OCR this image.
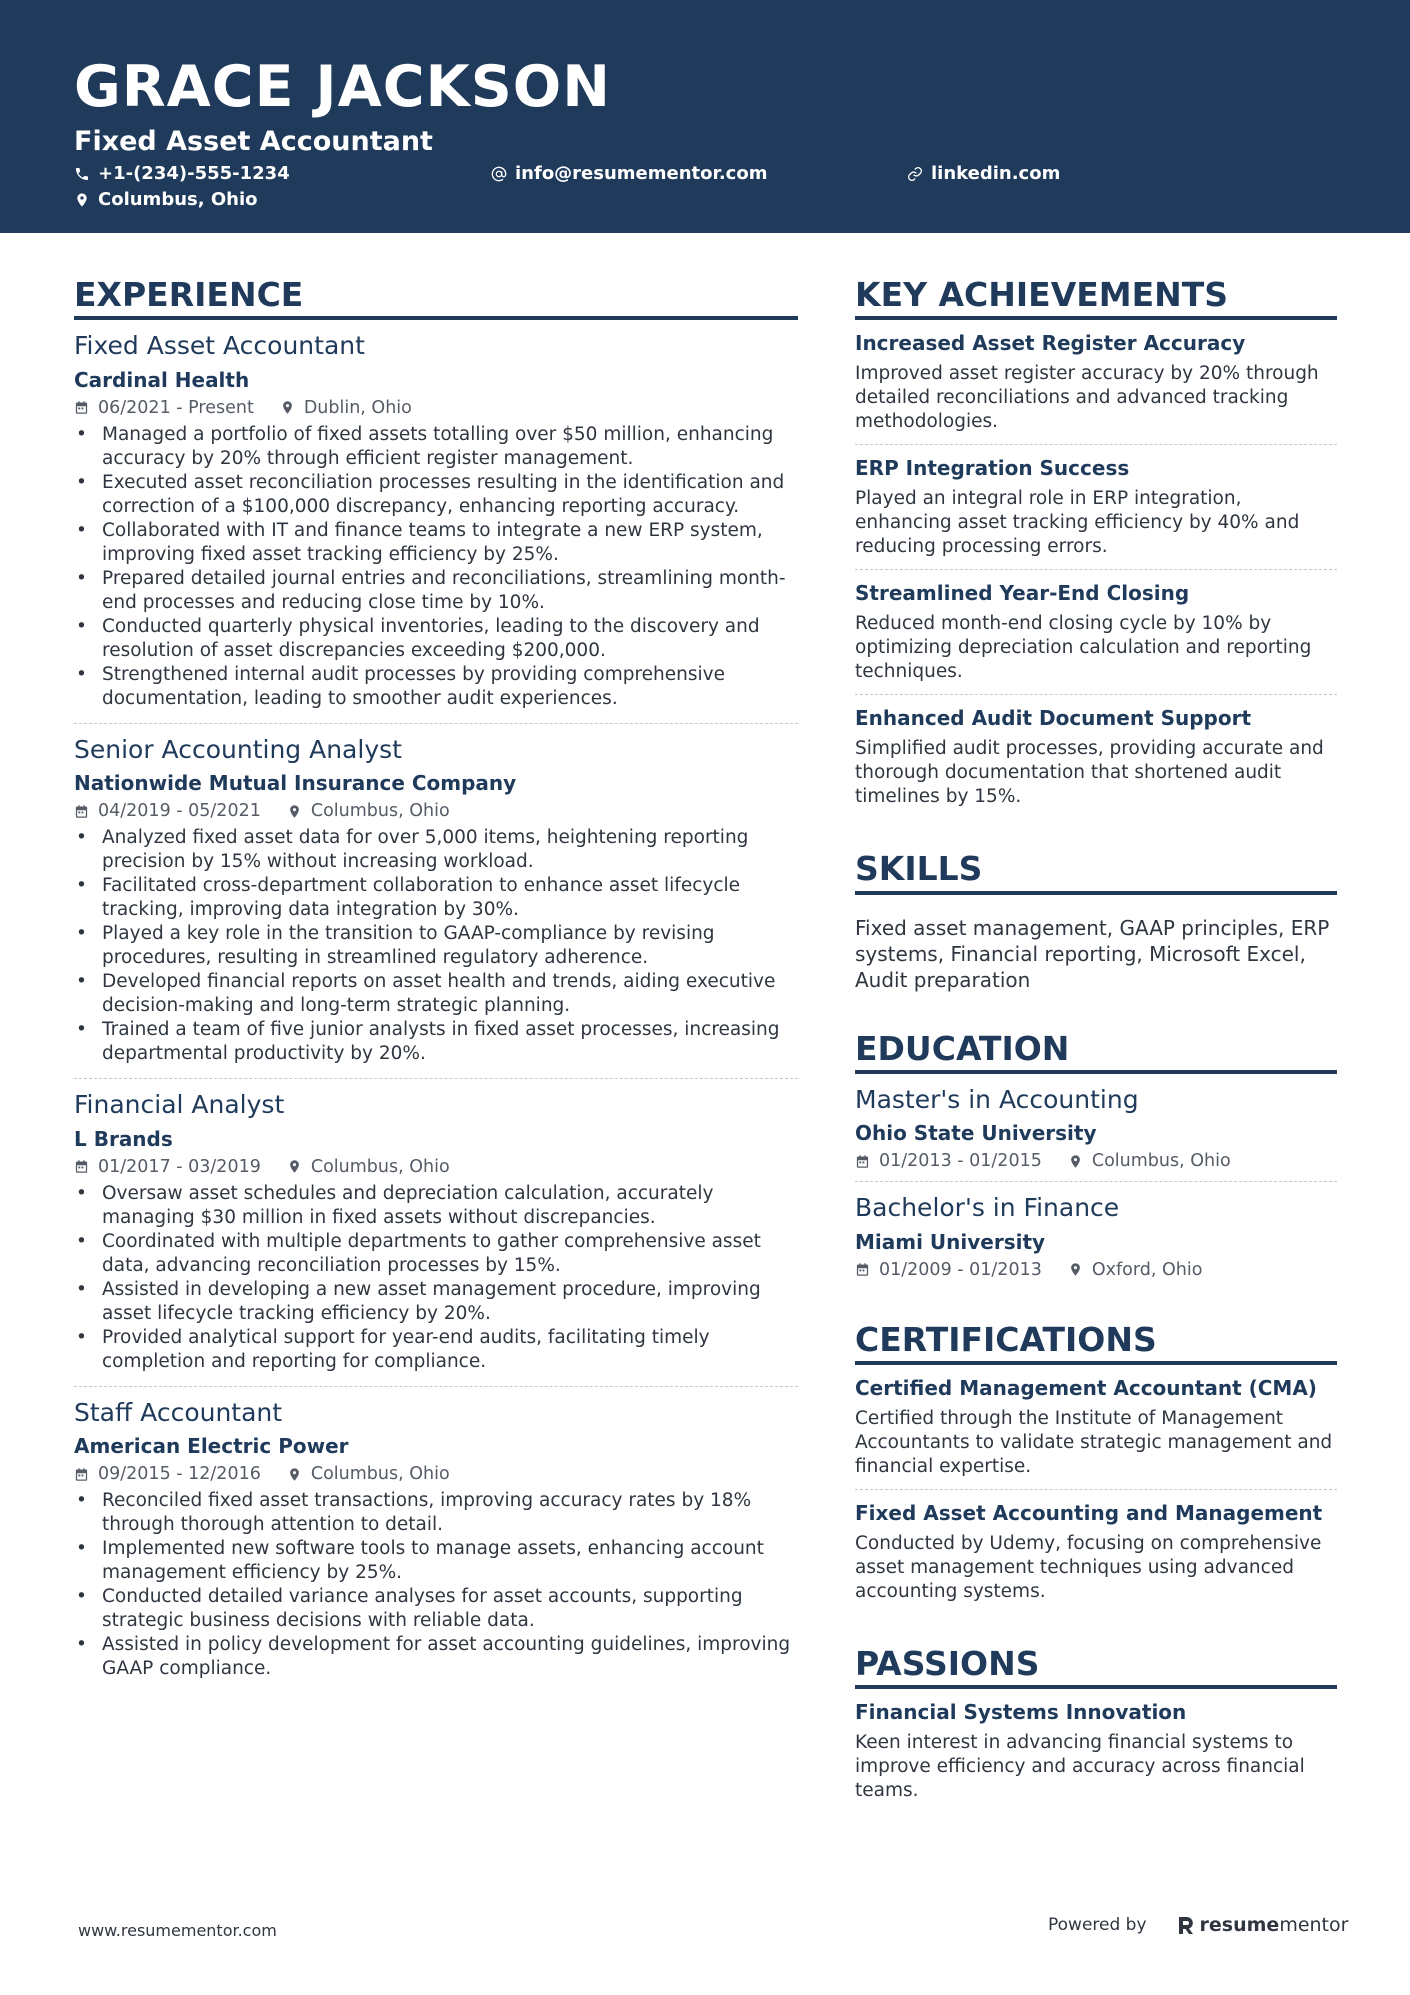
GRACE JACKSON
Fixed Asset Accountant
+1-(234)-555-1234	info@resumementor.com	linkedin.com
Columbus, Ohio
EXPERIENCE
Fixed Asset Accountant
Cardinal Health
06/2021 - Present	Dublin, Ohio
• Managed a portfolio of fixed assets totalling over $50 million, enhancing accuracy by 20% through efficient register management.
• Executed asset reconciliation processes resulting in the identification and correction of a $100,000 discrepancy, enhancing reporting accuracy.
• Collaborated with IT and finance teams to integrate a new ERP system, improving fixed asset tracking efficiency by 25%.
• Prepared detailed journal entries and reconciliations, streamlining month-end processes and reducing close time by 10%.
• Conducted quarterly physical inventories, leading to the discovery and resolution of asset discrepancies exceeding $200,000.
• Strengthened internal audit processes by providing comprehensive documentation, leading to smoother audit experiences.
Senior Accounting Analyst
Nationwide Mutual Insurance Company
04/2019 - 05/2021	Columbus, Ohio
• Analyzed fixed asset data for over 5,000 items, heightening reporting precision by 15% without increasing workload.
• Facilitated cross-department collaboration to enhance asset lifecycle tracking, improving data integration by 30%.
• Played a key role in the transition to GAAP-compliance by revising procedures, resulting in streamlined regulatory adherence.
• Developed financial reports on asset health and trends, aiding executive decision-making and long-term strategic planning.
• Trained a team of five junior analysts in fixed asset processes, increasing departmental productivity by 20%.
Financial Analyst
L Brands
01/2017 - 03/2019	Columbus, Ohio
• Oversaw asset schedules and depreciation calculation, accurately managing $30 million in fixed assets without discrepancies.
• Coordinated with multiple departments to gather comprehensive asset data, advancing reconciliation processes by 15%.
• Assisted in developing a new asset management procedure, improving asset lifecycle tracking efficiency by 20%.
• Provided analytical support for year-end audits, facilitating timely completion and reporting for compliance.
Staff Accountant
American Electric Power
09/2015 - 12/2016	Columbus, Ohio
• Reconciled fixed asset transactions, improving accuracy rates by 18% through thorough attention to detail.
• Implemented new software tools to manage assets, enhancing account management efficiency by 25%.
• Conducted detailed variance analyses for asset accounts, supporting strategic business decisions with reliable data.
• Assisted in policy development for asset accounting guidelines, improving GAAP compliance.
KEY ACHIEVEMENTS
Increased Asset Register Accuracy
Improved asset register accuracy by 20% through detailed reconciliations and advanced tracking methodologies.
ERP Integration Success
Played an integral role in ERP integration, enhancing asset tracking efficiency by 40% and reducing processing errors.
Streamlined Year-End Closing
Reduced month-end closing cycle by 10% by optimizing depreciation calculation and reporting techniques.
Enhanced Audit Document Support
Simplified audit processes, providing accurate and thorough documentation that shortened audit timelines by 15%.
SKILLS
Fixed asset management, GAAP principles, ERP systems, Financial reporting, Microsoft Excel, Audit preparation
EDUCATION
Master's in Accounting
Ohio State University
01/2013 - 01/2015	Columbus, Ohio
Bachelor's in Finance
Miami University
01/2009 - 01/2013	Oxford, Ohio
CERTIFICATIONS
Certified Management Accountant (CMA)
Certified through the Institute of Management Accountants to validate strategic management and financial expertise.
Fixed Asset Accounting and Management
Conducted by Udemy, focusing on comprehensive asset management techniques using advanced accounting systems.
PASSIONS
Financial Systems Innovation
Keen interest in advancing financial systems to improve efficiency and accuracy across financial teams.
www.resumementor.com	Powered by	resume mentor
